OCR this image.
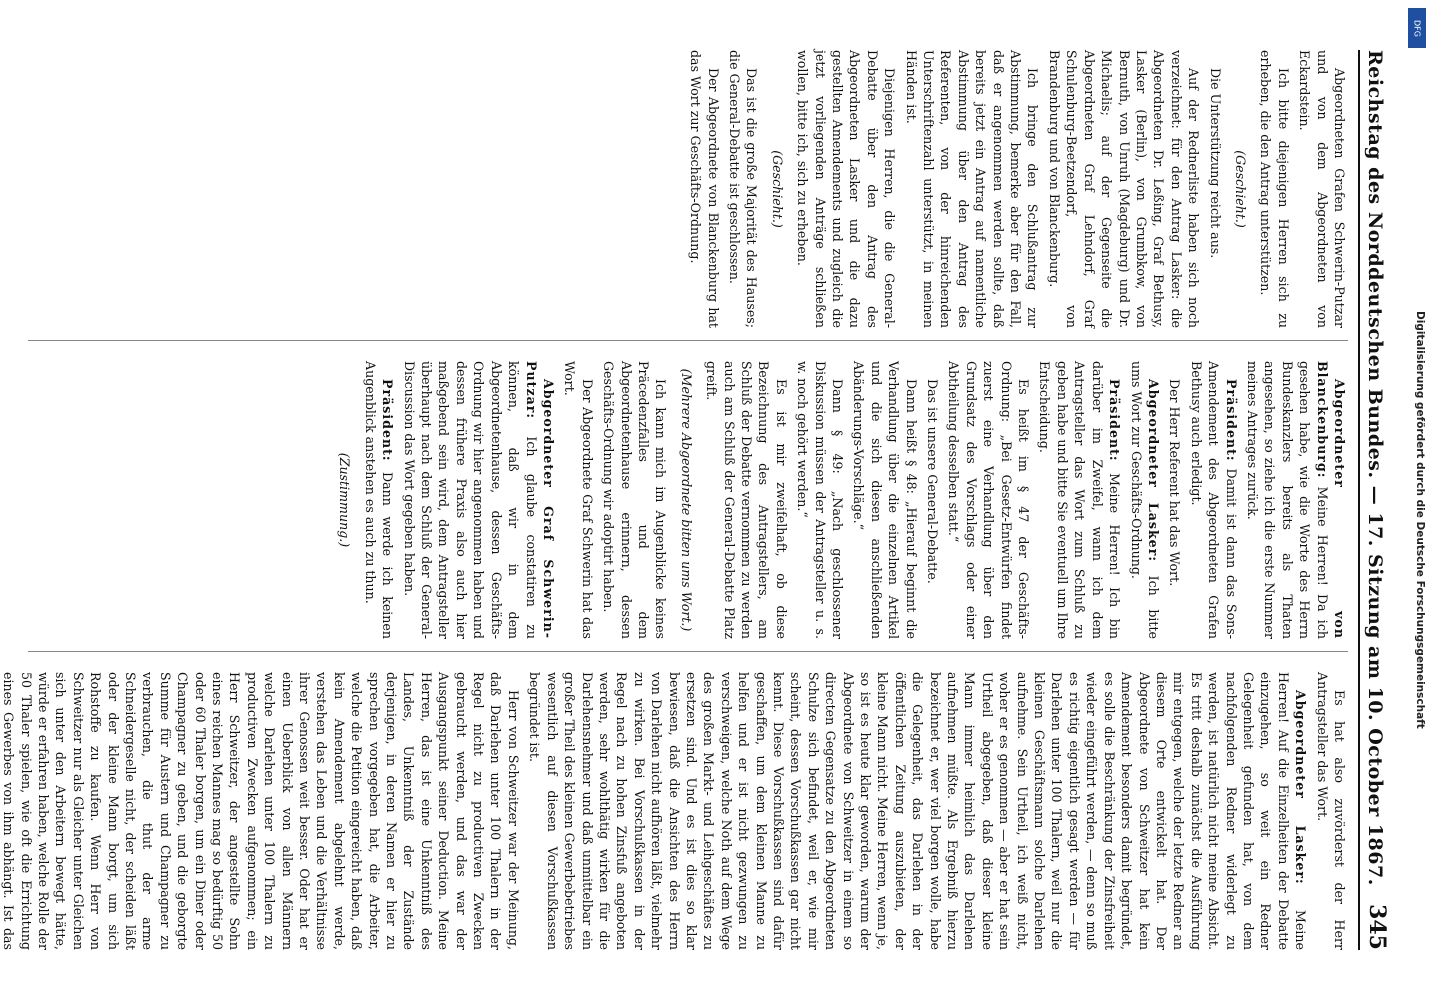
Reichstag des Norddeutschen Bundes. — 17. Sitzung am 10. October 1867.
345

Abgeordneten Grafen Schwerin-Putzar und von dem Abgeordneten von Eckardstein.

Ich bitte diejenigen Herren sich zu erheben, die den Antrag unterstützen.

(Geschieht.)

Die Unterstützung reicht aus.

Auf der Rednerliste haben sich noch verzeichnet: für den Antrag Lasker: die Abgeordneten Dr. Leßing, Graf Bethusy, Lasker (Berlin), von Grumbkow, von Bernuth, von Unruh (Magdeburg) und Dr. Michaelis; auf der Gegenseite die Abgeordneten Graf Lehndorf, Graf Schulenburg-Beetzendorf, von Brandenburg und von Blanckenburg.

Ich bringe den Schlußantrag zur Abstimmung, bemerke aber für den Fall, daß er angenommen werden sollte, daß bereits jetzt ein Antrag auf namentliche Abstimmung über den Antrag des Referenten, von der hinreichenden Unterschriftenzahl unterstützt, in meinen Händen ist.

Diejenigen Herren, die die General-Debatte über den Antrag des Abgeordneten Lasker und die dazu gestellten Amendements und zugleich die jetzt vorliegenden Anträge schließen wollen, bitte ich, sich zu erheben.

(Geschieht.)

Das ist die große Majorität des Hauses; die General-Debatte ist geschlossen.

Der Abgeordnete von Blanckenburg hat das Wort zur Geschäfts-Ordnung.

Abgeordneter von Blanckenburg: Meine Herren! Da ich gesehen habe, wie die Worte des Herrn Bundeskanzlers bereits als Thaten angesehen, so ziehe ich die erste Nummer meines Antrages zurück.

Präsident: Damit ist dann das Sons-Amendement des Abgeordneten Grafen Bethusy auch erledigt.

Der Herr Referent hat das Wort.

Abgeordneter Lasker: Ich bitte ums Wort zur Geschäfts-Ordnung.

Präsident: Meine Herren! Ich bin darüber im Zweifel, wann ich dem Antragsteller das Wort zum Schluß zu geben habe und bitte Sie eventuell um Ihre Entscheidung.

Es heißt im § 47 der Geschäfts-Ordnung: „Bei Gesetz-Entwürfen findet zuerst eine Verhandlung über den Grundsatz des Vorschlags oder einer Abtheilung desselben statt.“

Das ist unsere General-Debatte.

Dann heißt § 48: „Hierauf beginnt die Verhandlung über die einzelnen Artikel und die sich diesen anschließenden Abänderungs-Vorschläge.“

Dann § 49: „Nach geschlossener Diskussion müssen der Antragsteller u. s. w. noch gehört werden.“

Es ist mir zweifelhaft, ob diese Bezeichnung des Antragstellers, am Schluß der Debatte vernommen zu werden auch am Schluß der General-Debatte Platz greift.

(Mehrere Abgeordnete bitten ums Wort.)

Ich kann mich im Augenblicke keines Präcedenzfalles und dem Abgeordnetenhause erinnern, dessen Geschäfts-Ordnung wir adoptirt haben.

Der Abgeordnete Graf Schwerin hat das Wort.

Abgeordneter Graf Schwerin-Putzar: Ich glaube constatiren zu können, daß wir in dem Abgeordnetenhause, dessen Geschäfts-Ordnung wir hier angenommen haben und dessen frühere Praxis also auch hier maßgebend sein wird, dem Antragsteller überhaupt nach dem Schluß der General-Discussion das Wort gegeben haben.

Präsident: Dann werde ich keinen Augenblick anstehen es auch zu thun.

(Zustimmung.)

Es hat also zuvörderst der Herr Antragsteller das Wort.

Abgeordneter Lasker: Meine Herren! Auf die Einzelheiten der Debatte einzugehen, so weit ein Redner Gelegenheit gefunden hat, von dem nachfolgenden Redner widerlegt zu werden, ist natürlich nicht meine Absicht. Es tritt deshalb zunächst die Ausführung mir entgegen, welche der letzte Redner an diesem Orte entwickelt hat. Der Abgeordnete von Schweitzer hat kein Amendement besonders damit begründet, es solle die Beschränkung der Zinsfreiheit wieder eingeführt werden, — denn so muß es richtig eigentlich gesagt werden — für Darlehen unter 100 Thalern, weil nur die kleinen Geschäftsmann solche Darlehen aufnehme. Sein Urtheil, ich weiß nicht, woher er es genommen — aber er hat sein Urtheil abgegeben, daß dieser kleine Mann immer heimlich das Darlehen aufnehmen müßte. Als Ergebniß hierzu bezeichnet er, wer viel borgen wolle, habe die Gelegenheit, das Darlehen in der öffentlichen Zeitung auszubieten, der kleine Mann nicht. Meine Herren, wenn je, so ist es heute klar geworden, warum der Abgeordnete von Schweitzer in einem so directen Gegensatze zu den Abgeordneten Schulze sich befindet, weil er, wie mir scheint, dessen Vorschußkassen gar nicht kennt. Diese Vorschußkassen sind dafür geschaffen, um dem kleinen Manne zu helfen und er ist nicht gezwungen zu verschweigen, welche Noth auf dem Wege des großen Markt- und Leihgeschäftes zu ersetzen sind. Und es ist dies so klar bewiesen, daß die Ansichten des Herrn von Darlehen nicht aufhören läßt, vielmehr zu wirken. Bei Vorschußkassen in der Regel nach zu hohen Zinsfuß angeboten werden, sehr wohlthätig wirken für die Darlehensnehmer und daß unmittelbar ein großer Theil des kleinen Gewerbebetriebes wesentlich auf diesen Vorschußkassen begründet ist.

Herr von Schweitzer war der Meinung, daß Darlehen unter 100 Thalern in der Regel nicht zu productiven Zwecken gebraucht werden, und das war der Ausgangspunkt seiner Deduction. Meine Herren, das ist eine Unkenntniß des Landes, Unkenntniß der Zustände derjenigen, in deren Namen er hier zu sprechen vorgegeben hat, die Arbeiter, welche die Petition eingereicht haben, daß kein Amendement abgelehnt werde, verstehen das Leben und die Verhältnisse ihrer Genossen weit besser. Oder hat er einen Ueberblick von allen Männern welche Darlehen unter 100 Thalern zu productiven Zwecken aufgenommen; ein Herr Schweitzer, der angestellte Sohn eines reichen Mannes mag so bedürftig 50 oder 60 Thaler borgen, um ein Diner oder Champagner zu geben, und die geborgte Summe für Austern und Champagner zu verbrauchen, die thut der arme Schneidergeselle nicht, der scheiden läßt oder der kleine Mann borgt, um sich Rohstoffe zu kaufen. Wenn Herr von Schweitzer nur als Gleicher unter Gleichen sich unter den Arbeitern bewegt hätte, würde er erfahren haben, welche Rolle der 50 Thaler spielen, wie oft die Errichtung eines Gewerbes von ihm abhängt. Ist das

DFG
Digitalisierung gefördert durch die Deutsche Forschungsgemeinschaft
